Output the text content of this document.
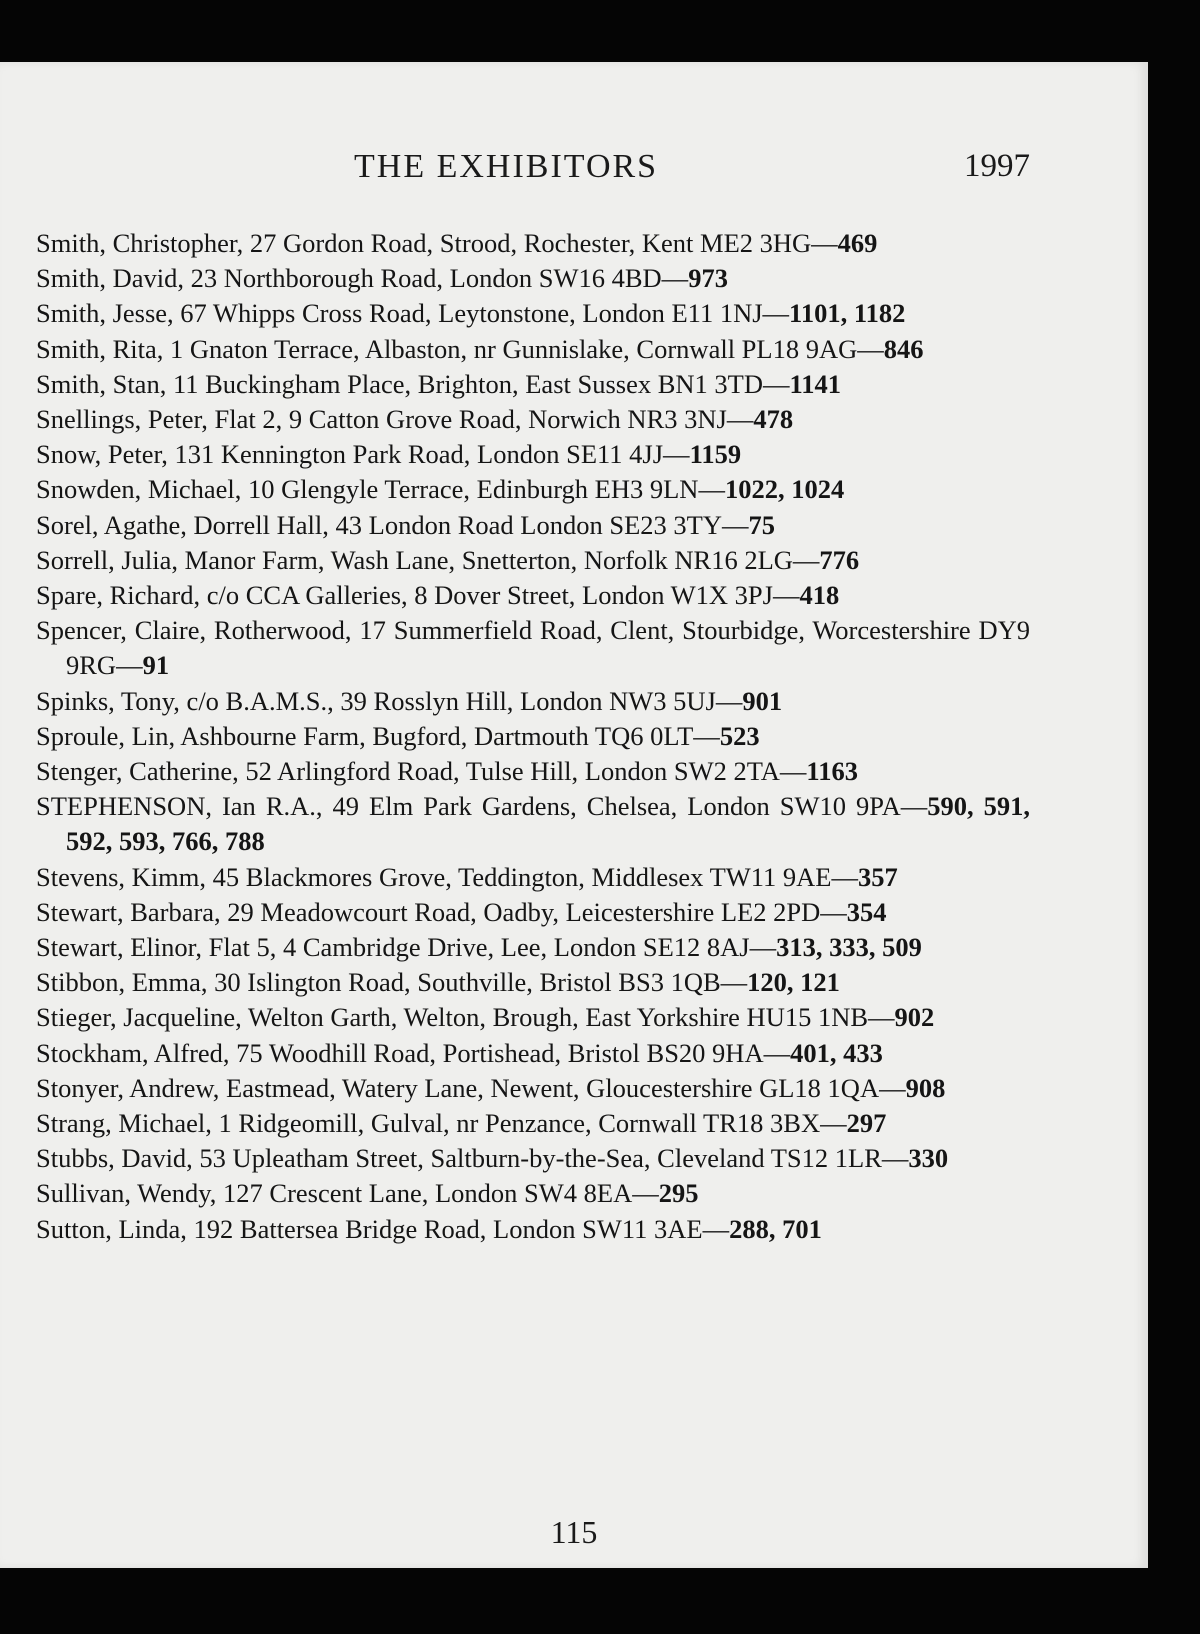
THE EXHIBITORS	1997
Smith, Christopher, 27 Gordon Road, Strood, Rochester, Kent ME2 3HG—469
Smith, David, 23 Northborough Road, London SW16 4BD—973
Smith, Jesse, 67 Whipps Cross Road, Leytonstone, London E11 1NJ—1101, 1182
Smith, Rita, 1 Gnaton Terrace, Albaston, nr Gunnislake, Cornwall PL18 9AG—846
Smith, Stan, 11 Buckingham Place, Brighton, East Sussex BN1 3TD—1141
Snellings, Peter, Flat 2, 9 Catton Grove Road, Norwich NR3 3NJ—478
Snow, Peter, 131 Kennington Park Road, London SE11 4JJ—1159
Snowden, Michael, 10 Glengyle Terrace, Edinburgh EH3 9LN—1022, 1024
Sorel, Agathe, Dorrell Hall, 43 London Road London SE23 3TY—75
Sorrell, Julia, Manor Farm, Wash Lane, Snetterton, Norfolk NR16 2LG—776
Spare, Richard, c/o CCA Galleries, 8 Dover Street, London W1X 3PJ—418
Spencer, Claire, Rotherwood, 17 Summerfield Road, Clent, Stourbidge, Worcestershire DY9 9RG—91
Spinks, Tony, c/o B.A.M.S., 39 Rosslyn Hill, London NW3 5UJ—901
Sproule, Lin, Ashbourne Farm, Bugford, Dartmouth TQ6 0LT—523
Stenger, Catherine, 52 Arlingford Road, Tulse Hill, London SW2 2TA—1163
STEPHENSON, Ian R.A., 49 Elm Park Gardens, Chelsea, London SW10 9PA—590, 591, 592, 593, 766, 788
Stevens, Kimm, 45 Blackmores Grove, Teddington, Middlesex TW11 9AE—357
Stewart, Barbara, 29 Meadowcourt Road, Oadby, Leicestershire LE2 2PD—354
Stewart, Elinor, Flat 5, 4 Cambridge Drive, Lee, London SE12 8AJ—313, 333, 509
Stibbon, Emma, 30 Islington Road, Southville, Bristol BS3 1QB—120, 121
Stieger, Jacqueline, Welton Garth, Welton, Brough, East Yorkshire HU15 1NB—902
Stockham, Alfred, 75 Woodhill Road, Portishead, Bristol BS20 9HA—401, 433
Stonyer, Andrew, Eastmead, Watery Lane, Newent, Gloucestershire GL18 1QA—908
Strang, Michael, 1 Ridgeomill, Gulval, nr Penzance, Cornwall TR18 3BX—297
Stubbs, David, 53 Upleatham Street, Saltburn-by-the-Sea, Cleveland TS12 1LR—330
Sullivan, Wendy, 127 Crescent Lane, London SW4 8EA—295
Sutton, Linda, 192 Battersea Bridge Road, London SW11 3AE—288, 701
115
